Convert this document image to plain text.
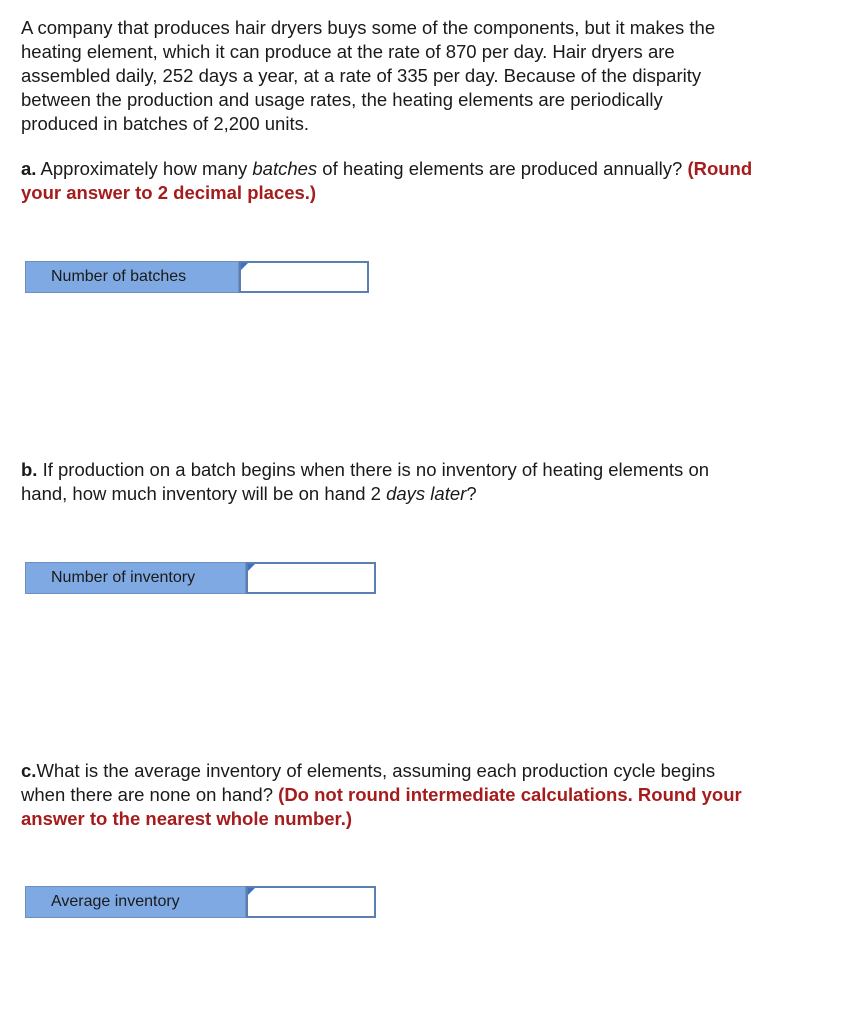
A company that produces hair dryers buys some of the components, but it makes the
heating element, which it can produce at the rate of 870 per day. Hair dryers are
assembled daily, 252 days a year, at a rate of 335 per day. Because of the disparity
between the production and usage rates, the heating elements are periodically
produced in batches of 2,200 units.
a. Approximately how many batches of heating elements are produced annually? (Round
your answer to 2 decimal places.)
Number of batches
b. If production on a batch begins when there is no inventory of heating elements on
hand, how much inventory will be on hand 2 days later?
Number of inventory
c.What is the average inventory of elements, assuming each production cycle begins
when there are none on hand? (Do not round intermediate calculations. Round your
answer to the nearest whole number.)
Average inventory
